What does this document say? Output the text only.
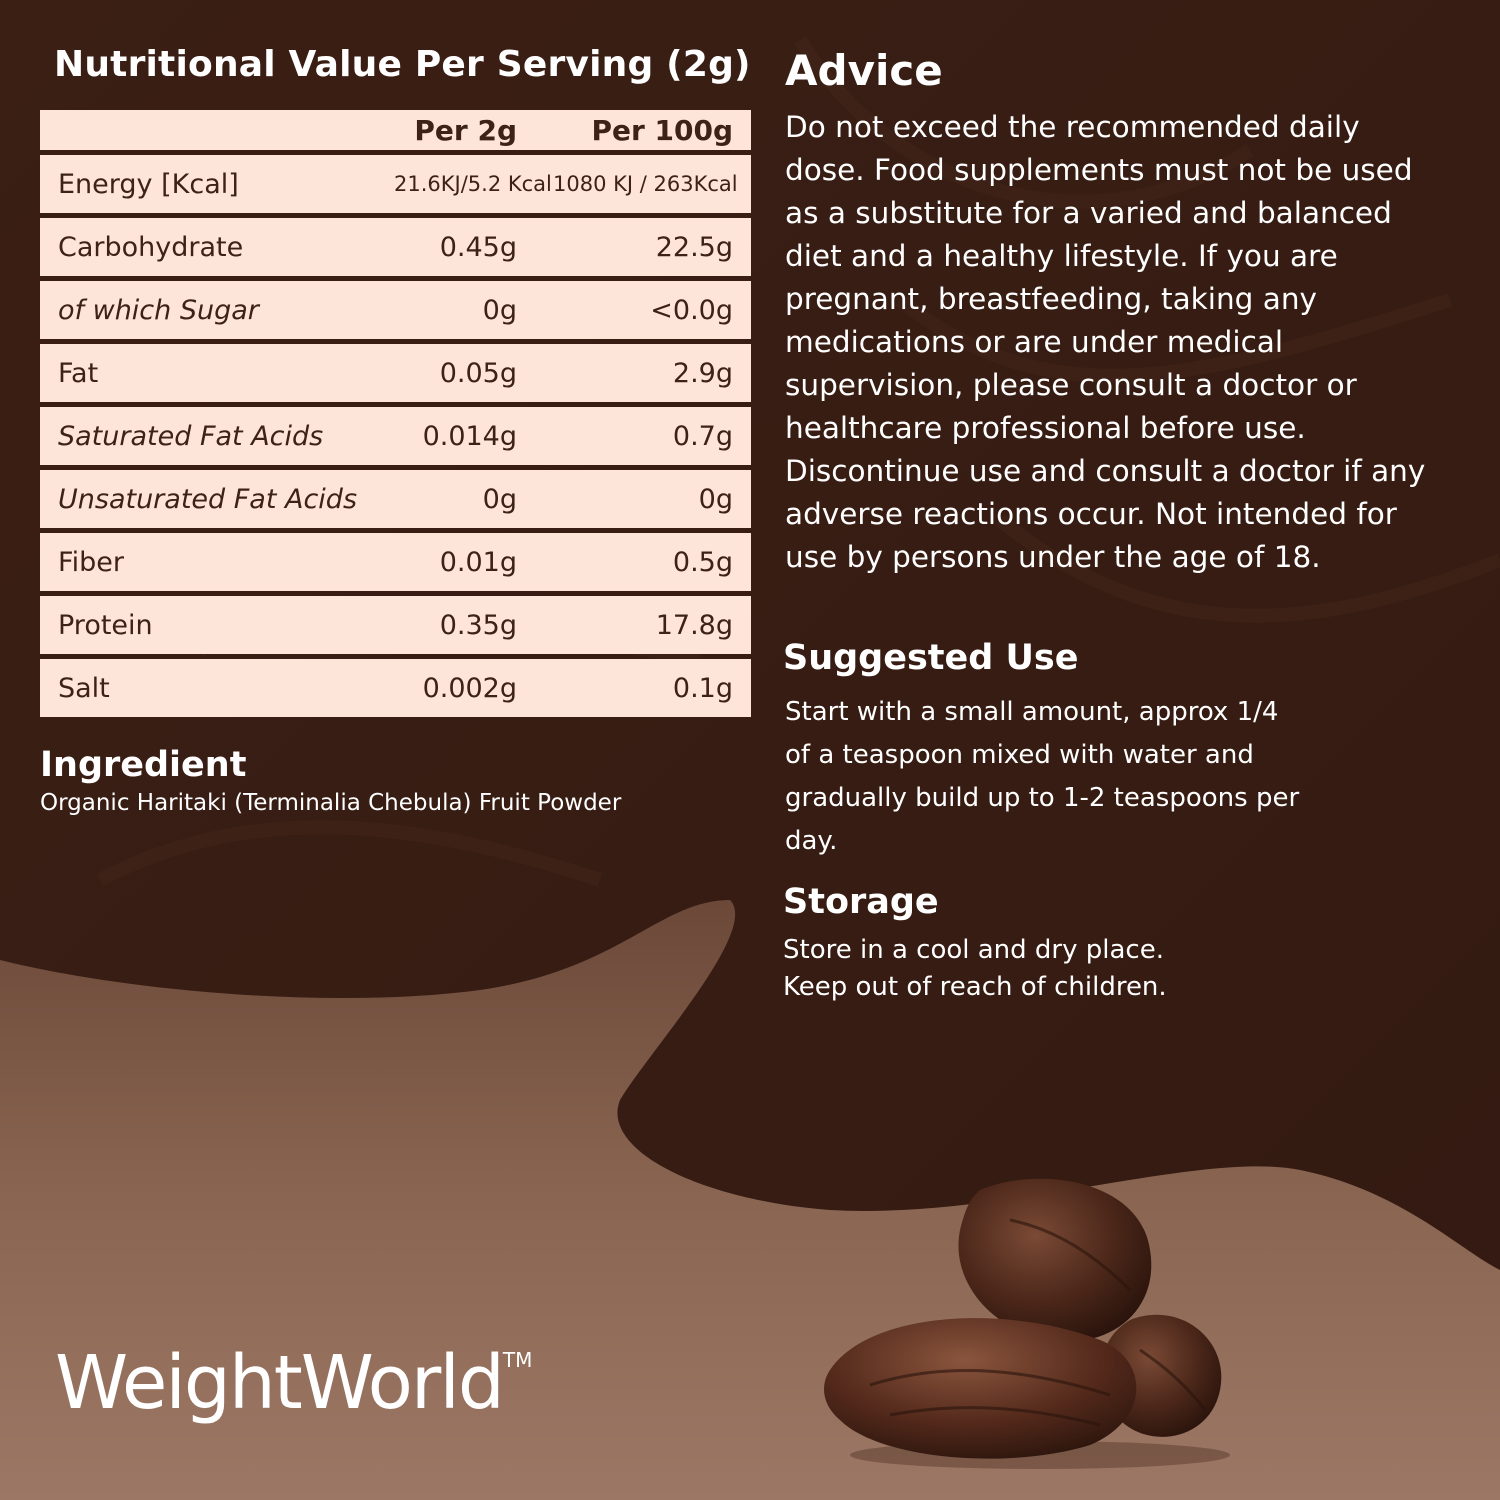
Nutritional Value Per Serving (2g)
	Per 2g	Per 100g
Energy [Kcal]	21.6KJ/5.2 Kcal	1080 KJ / 263Kcal
Carbohydrate	0.45g	22.5g
of which Sugar	0g	<0.0g
Fat	0.05g	2.9g
Saturated Fat Acids	0.014g	0.7g
Unsaturated Fat Acids	0g	0g
Fiber	0.01g	0.5g
Protein	0.35g	17.8g
Salt	0.002g	0.1g
Ingredient
Organic Haritaki (Terminalia Chebula) Fruit Powder
Advice
Do not exceed the recommended daily dose. Food supplements must not be used as a substitute for a varied and balanced diet and a healthy lifestyle. If you are pregnant, breastfeeding, taking any medications or are under medical supervision, please consult a doctor or healthcare professional before use. Discontinue use and consult a doctor if any adverse reactions occur. Not intended for use by persons under the age of 18.
Suggested Use
Start with a small amount, approx 1/4 of a teaspoon mixed with water and gradually build up to 1-2 teaspoons per day.
Storage
Store in a cool and dry place.
Keep out of reach of children.
WeightWorld TM
